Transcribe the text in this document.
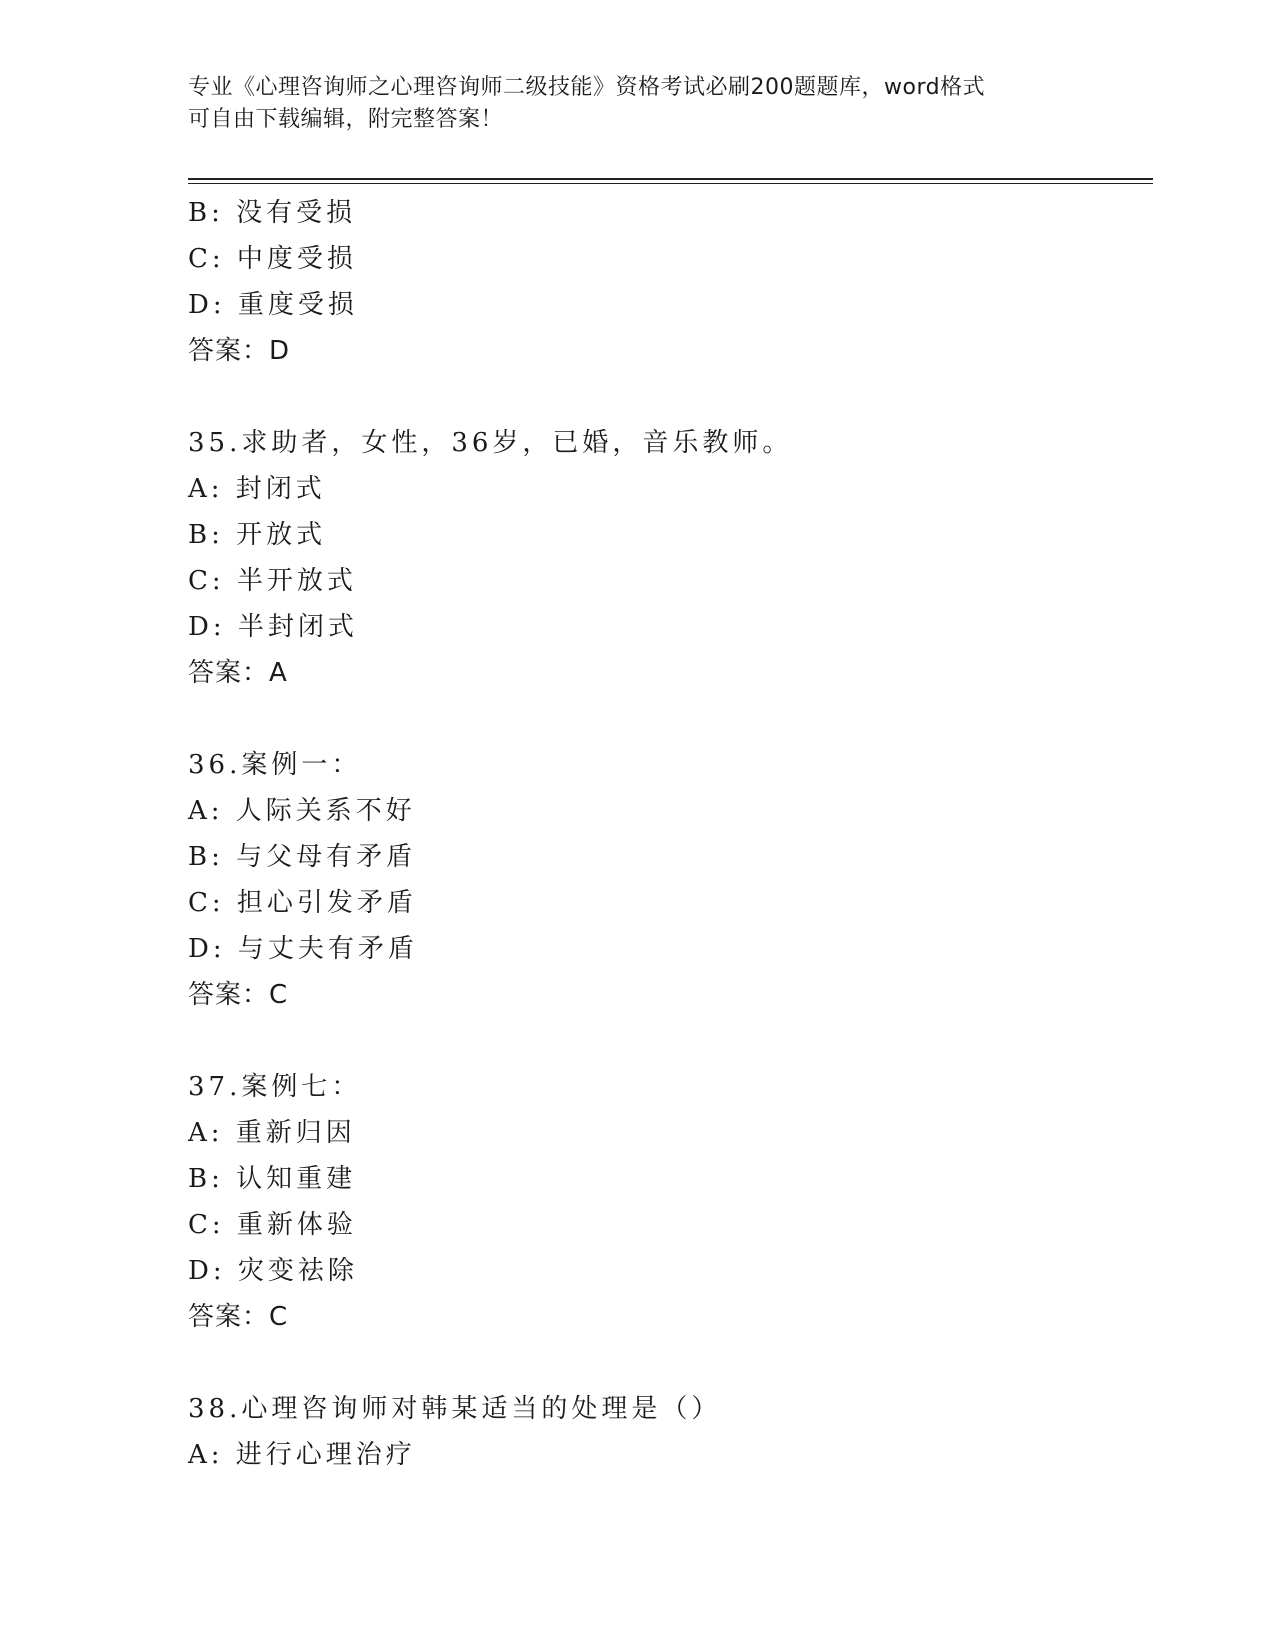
专业《心理咨询师之心理咨询师二级技能》资格考试必刷200题题库，word格式
可自由下载编辑，附完整答案！
B: 没有受损
C: 中度受损
D: 重度受损
答案：D
35.求助者，女性，36岁，已婚，音乐教师。
A: 封闭式
B: 开放式
C: 半开放式
D: 半封闭式
答案：A
36.案例一：
A: 人际关系不好
B: 与父母有矛盾
C: 担心引发矛盾
D: 与丈夫有矛盾
答案：C
37.案例七：
A: 重新归因
B: 认知重建
C: 重新体验
D: 灾变祛除
答案：C
38.心理咨询师对韩某适当的处理是（）
A: 进行心理治疗
